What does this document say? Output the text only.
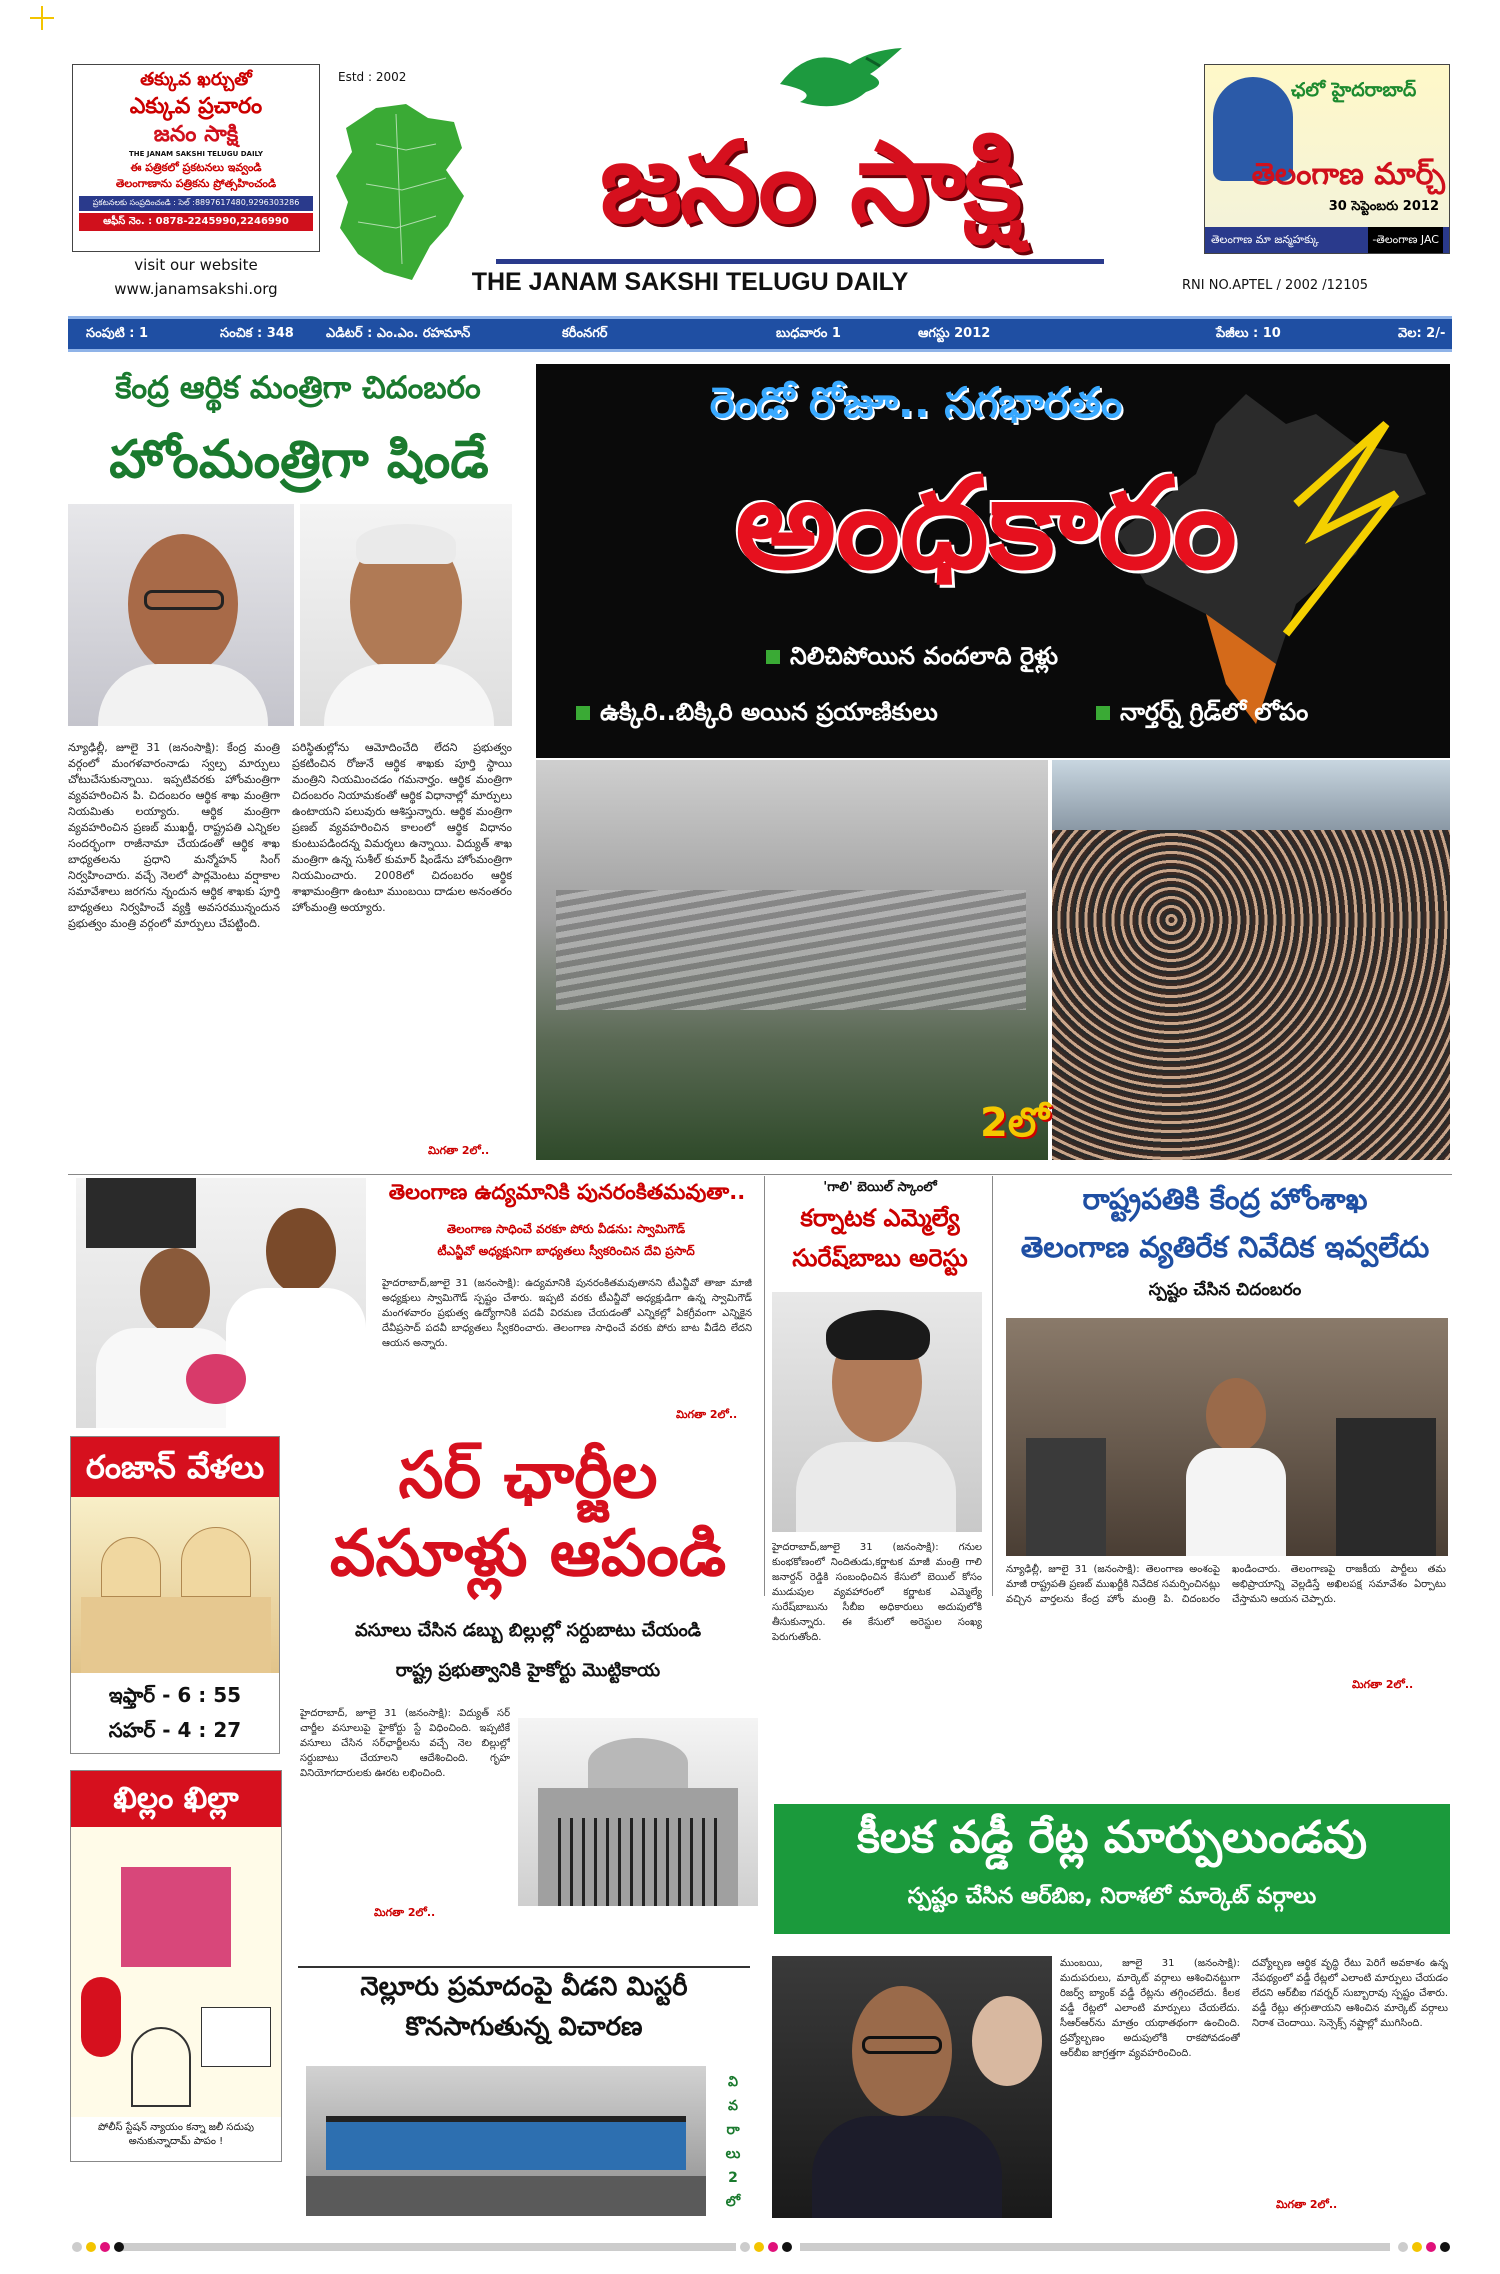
తక్కువ ఖర్చుతో
ఎక్కువ ప్రచారం
జనం సాక్షి
THE JANAM SAKSHI TELUGU DAILY
ఈ పత్రికలో ప్రకటనలు ఇవ్వండి
తెలంగాణాను పత్రికను ప్రోత్సహించండి
ప్రకటనలకు సంప్రదించండి : సెల్ :8897617480,9296303286
ఆఫీస్ నెం. : 0878-2245990,2246990
visit our website
www.janamsakshi.org
Estd : 2002
జనం సాక్షి
THE JANAM SAKSHI TELUGU DAILY
ఛలో హైదరాబాద్
తెలంగాణ మార్చ్
30 సెప్టెంబరు 2012
తెలంగాణ మా జన్మహక్కు	-తెలంగాణ JAC
RNI NO.APTEL / 2002 /12105
సంపుటి : 1	సంచిక : 348 ఎడిటర్ : ఎం.ఎం. రహమాన్	కరీంనగర్	బుధవారం 1	ఆగస్టు 2012	పేజీలు : 10	వెల: 2/-
కేంద్ర ఆర్థిక మంత్రిగా చిదంబరం
హోంమంత్రిగా షిండే
న్యూఢిల్లీ, జూలై 31 (జనంసాక్షి): కేంద్ర మంత్రి వర్గంలో మంగళవారంనాడు స్వల్ప మార్పులు చోటుచేసుకున్నాయి. ఇప్పటివరకు హోంమంత్రిగా వ్యవహరించిన పి. చిదంబరం ఆర్థిక శాఖ మంత్రిగా నియమితు లయ్యారు. ఆర్థిక మంత్రిగా వ్యవహరించిన ప్రణబ్‌ ముఖర్జీ, రాష్ట్రపతి ఎన్నికల సందర్భంగా రాజీనామా చేయడంతో ఆర్థిక శాఖ బాధ్యతలను ప్రధాని మన్మోహన్‌ సింగ్‌ నిర్వహించారు. వచ్చే నెలలో పార్లమెంటు వర్షాకాల సమావేశాలు జరగను న్నందున ఆర్థిక శాఖకు పూర్తి బాధ్యతలు నిర్వహించే వ్యక్తి అవసరమున్నందున ప్రభుత్వం మంత్రి వర్గంలో మార్పులు చేపట్టింది.
పరిస్థితుల్లోను ఆమోదించేది లేదని ప్రభుత్వం ప్రకటించిన రోజునే ఆర్థిక శాఖకు పూర్తి స్థాయి మంత్రిని నియమించడం గమనార్హం. ఆర్థిక మంత్రిగా చిదంబరం నియామకంతో ఆర్థిక విధానాల్లో మార్పులు ఉంటాయని పలువురు ఆశిస్తున్నారు. ఆర్థిక మంత్రిగా ప్రణబ్‌ వ్యవహరించిన కాలంలో ఆర్థిక విధానం కుంటుపడిందన్న విమర్శలు ఉన్నాయి. విద్యుత్‌ శాఖ మంత్రిగా ఉన్న సుశీల్‌ కుమార్‌ షిండేను హోంమంత్రిగా నియమించారు. 2008లో చిదంబరం ఆర్థిక శాఖామంత్రిగా ఉంటూ ముంబయి దాడుల అనంతరం హోంమంత్రి అయ్యారు.
మిగతా 2లో..
రెండో రోజూ.. సగభారతం
అంధకారం
నిలిచిపోయిన వందలాది రైళ్లు
ఉక్కిరి..బిక్కిరి అయిన ప్రయాణికులు	నార్తర్న్‌ గ్రిడ్‌లో లోపం
2లో
తెలంగాణ ఉద్యమానికి పునరంకితమవుతా..
తెలంగాణ సాధించే వరకూ పోరు వీడను: స్వామిగౌడ్‌
టీఎన్జీవో అధ్యక్షునిగా బాధ్యతలు స్వీకరించిన దేవి ప్రసాద్‌
హైదరాబాద్‌,జూలై 31 (జనంసాక్షి): ఉద్యమానికి పునరంకితమవుతానని టీఎన్జీవో తాజా మాజీ అధ్యక్షులు స్వామిగౌడ్‌ స్పష్టం చేశారు. ఇప్పటి వరకు టీఎన్జీవో అధ్యక్షుడిగా ఉన్న స్వామిగౌడ్‌ మంగళవారం ప్రభుత్వ ఉద్యోగానికి పదవీ విరమణ చేయడంతో ఎన్నికల్లో ఏకగ్రీవంగా ఎన్నికైన దేవీప్రసాద్‌ పదవీ బాధ్యతలు స్వీకరించారు. తెలంగాణ సాధించే వరకు పోరు బాట వీడేది లేదని ఆయన అన్నారు.
మిగతా 2లో..
'గాలి' బెయిల్‌ స్కాంలో
కర్నాటక ఎమ్మెల్యే
సురేష్‌బాబు అరెస్టు
హైదరాబాద్‌,జూలై 31 (జనంసాక్షి): గనుల కుంభకోణంలో నిందితుడు,కర్ణాటక మాజీ మంత్రి గాలి జనార్దన్‌ రెడ్డికి సంబంధించిన కేసులో బెయిల్‌ కోసం ముడుపుల వ్యవహారంలో కర్ణాటక ఎమ్మెల్యే సురేష్‌బాబును సీబీఐ అధికారులు అదుపులోకి తీసుకున్నారు. ఈ కేసులో అరెస్టుల సంఖ్య పెరుగుతోంది.
రాష్ట్రపతికి కేంద్ర హోంశాఖ
తెలంగాణ వ్యతిరేక నివేదిక ఇవ్వలేదు
స్పష్టం చేసిన చిదంబరం
న్యూఢిల్లీ, జూలై 31 (జనంసాక్షి): తెలంగాణ అంశంపై మాజీ రాష్ట్రపతి ప్రణబ్‌ ముఖర్జీకి నివేదిక సమర్పించినట్లు వచ్చిన వార్తలను కేంద్ర హోం మంత్రి పి. చిదంబరం ఖండించారు. తెలంగాణపై రాజకీయ పార్టీలు తమ అభిప్రాయాన్ని వెల్లడిస్తే అఖిలపక్ష సమావేశం ఏర్పాటు చేస్తామని ఆయన చెప్పారు.
మిగతా 2లో..
రంజాన్ వేళలు
ఇఫ్తార్ - 6 : 55
సహర్ - 4 : 27
సర్ ఛార్జీల
వసూళ్లు ఆపండి
వసూలు చేసిన డబ్బు బిల్లుల్లో సర్దుబాటు చేయండి
రాష్ట్ర ప్రభుత్వానికి హైకోర్టు మొట్టికాయ
హైదరాబాద్‌, జూలై 31 (జనంసాక్షి): విద్యుత్‌ సర్‌ చార్జీల వసూలుపై హైకోర్టు స్టే విధించింది. ఇప్పటికే వసూలు చేసిన సర్‌ఛార్జీలను వచ్చే నెల బిల్లుల్లో సర్దుబాటు చేయాలని ఆదేశించింది. గృహ వినియోగదారులకు ఊరట లభించింది.
మిగతా 2లో..
ఖిల్లం ఖిల్లా
పోలీస్‌ స్టేషన్‌ న్యాయం కన్నా జలీ సదుపు
అనుకున్నాదామ్‌ పాపం !
నెల్లూరు ప్రమాదంపై వీడని మిస్టరీ
కొనసాగుతున్న విచారణ
వి
వ
రా
లు
2
లో
కీలక వడ్డీ రేట్ల మార్పులుండవు
స్పష్టం చేసిన ఆర్‌బిఐ, నిరాశలో మార్కెట్‌ వర్గాలు
ముంబయి, జూలై 31 (జనంసాక్షి): మదుపరులు, మార్కెట్‌ వర్గాలు ఆశించినట్టుగా రిజర్వ్‌ బ్యాంక్‌ వడ్డీ రేట్లను తగ్గించలేదు. కీలక వడ్డీ రేట్లలో ఎలాంటి మార్పులు చేయలేదు. సీఆర్‌ఆర్‌ను మాత్రం యథాతథంగా ఉంచింది. ద్రవ్యోల్బణం అదుపులోకి రాకపోవడంతో ఆర్‌బీఐ జాగ్రత్తగా వ్యవహరించింది.
దవ్యోల్బణ ఆర్థిక వృద్ధి రేటు పెరిగే అవకాశం ఉన్న నేపథ్యంలో వడ్డీ రేట్లలో ఎలాంటి మార్పులు చేయడం లేదని ఆర్‌బీఐ గవర్నర్‌ సుబ్బారావు స్పష్టం చేశారు. వడ్డీ రేట్లు తగ్గుతాయని ఆశించిన మార్కెట్‌ వర్గాలు నిరాశ చెందాయి. సెన్సెక్స్‌ నష్టాల్లో ముగిసింది.
మిగతా 2లో..
